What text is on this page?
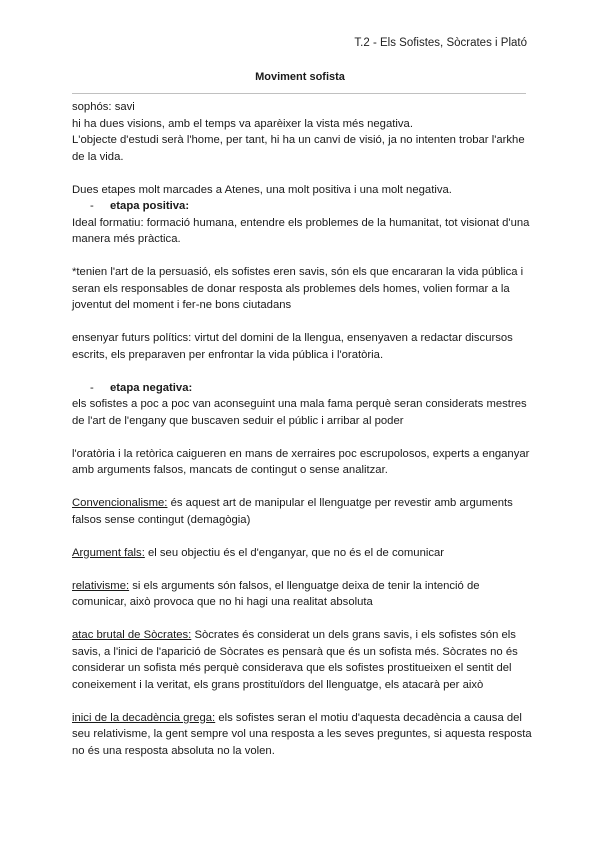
T.2 - Els Sofistes, Sòcrates i Plató
Moviment sofista

sophós: savi

hi ha dues visions, amb el temps va aparèixer la vista més negativa.

L'objecte d'estudi serà l'home, per tant, hi ha un canvi de visió, ja no intenten trobar l'arkhe de la vida.

Dues etapes molt marcades a Atenes, una molt positiva i una molt negativa.

- etapa positiva:

Ideal formatiu: formació humana, entendre els problemes de la humanitat, tot visionat d'una manera més pràctica.

*tenien l'art de la persuasió, els sofistes eren savis, són els que encararan la vida pública i seran els responsables de donar resposta als problemes dels homes, volien formar a la joventut del moment i fer-ne bons ciutadans

ensenyar futurs polítics: virtut del domini de la llengua, ensenyaven a redactar discursos escrits, els preparaven per enfrontar la vida pública i l'oratòria.

- etapa negativa:

els sofistes a poc a poc van aconseguint una mala fama perquè seran considerats mestres de l'art de l'engany que buscaven seduir el públic i arribar al poder

l'oratòria i la retòrica caigueren en mans de xerraires poc escrupolosos, experts a enganyar amb arguments falsos, mancats de contingut o sense analitzar.

Convencionalisme: és aquest art de manipular el llenguatge per revestir amb arguments falsos sense contingut (demagògia)

Argument fals: el seu objectiu és el d'enganyar, que no és el de comunicar

relativisme: si els arguments són falsos, el llenguatge deixa de tenir la intenció de comunicar, això provoca que no hi hagi una realitat absoluta

atac brutal de Sòcrates: Sòcrates és considerat un dels grans savis, i els sofistes són els savis, a l'inici de l'aparició de Sòcrates es pensarà que és un sofista més. Sòcrates no és considerar un sofista més perquè considerava que els sofistes prostitueixen el sentit del coneixement i la veritat, els grans prostituïdors del llenguatge, els atacarà per això

inici de la decadència grega: els sofistes seran el motiu d'aquesta decadència a causa del seu relativisme, la gent sempre vol una resposta a les seves preguntes, si aquesta resposta no és una resposta absoluta no la volen.
